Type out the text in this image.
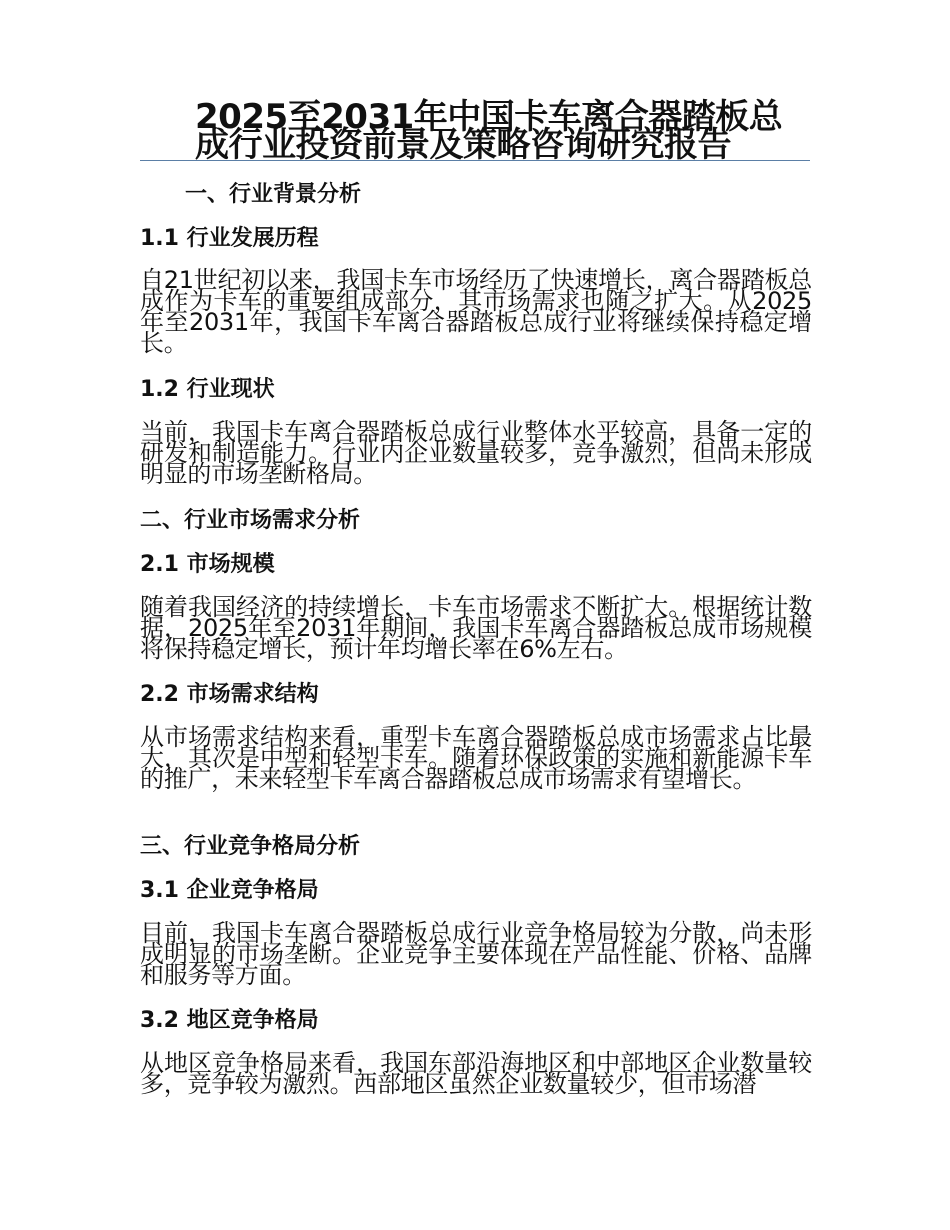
2025至2031年中国卡车离合器踏板总成行业投资前景及策略咨询研究报告
一、行业背景分析
1.1 行业发展历程

自21世纪初以来，我国卡车市场经历了快速增长，离合器踏板总成作为卡车的重要组成部分，其市场需求也随之扩大。从2025年至2031年，我国卡车离合器踏板总成行业将继续保持稳定增长。

1.2 行业现状

当前，我国卡车离合器踏板总成行业整体水平较高，具备一定的研发和制造能力。行业内企业数量较多，竞争激烈，但尚未形成明显的市场垄断格局。

二、行业市场需求分析
2.1 市场规模

随着我国经济的持续增长，卡车市场需求不断扩大。根据统计数据，2025年至2031年期间，我国卡车离合器踏板总成市场规模将保持稳定增长，预计年均增长率在6%左右。

2.2 市场需求结构

从市场需求结构来看，重型卡车离合器踏板总成市场需求占比最大，其次是中型和轻型卡车。随着环保政策的实施和新能源卡车的推广，未来轻型卡车离合器踏板总成市场需求有望增长。

三、行业竞争格局分析
3.1 企业竞争格局

目前，我国卡车离合器踏板总成行业竞争格局较为分散，尚未形成明显的市场垄断。企业竞争主要体现在产品性能、价格、品牌和服务等方面。

3.2 地区竞争格局

从地区竞争格局来看，我国东部沿海地区和中部地区企业数量较多，竞争较为激烈。西部地区虽然企业数量较少，但市场潜
